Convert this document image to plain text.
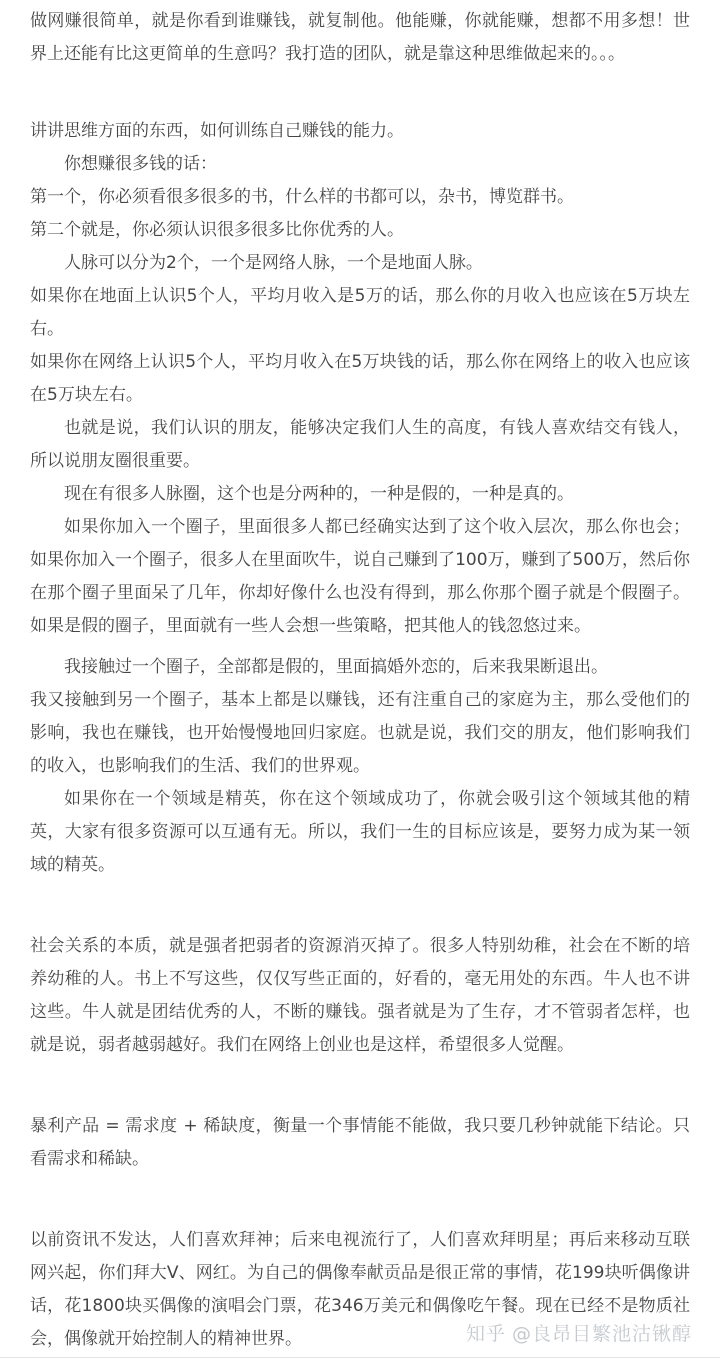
做网赚很简单，就是你看到谁赚钱，就复制他。他能赚，你就能赚，想都不用多想！世界上还能有比这更简单的生意吗？我打造的团队，就是靠这种思维做起来的。。。

讲讲思维方面的东西，如何训练自己赚钱的能力。

你想赚很多钱的话：

第一个，你必须看很多很多的书，什么样的书都可以，杂书，博览群书。

第二个就是，你必须认识很多很多比你优秀的人。

人脉可以分为2个，一个是网络人脉，一个是地面人脉。

如果你在地面上认识5个人，平均月收入是5万的话，那么你的月收入也应该在5万块左右。

如果你在网络上认识5个人，平均月收入在5万块钱的话，那么你在网络上的收入也应该在5万块左右。

也就是说，我们认识的朋友，能够决定我们人生的高度，有钱人喜欢结交有钱人，所以说朋友圈很重要。

现在有很多人脉圈，这个也是分两种的，一种是假的，一种是真的。

如果你加入一个圈子，里面很多人都已经确实达到了这个收入层次，那么你也会；如果你加入一个圈子，很多人在里面吹牛，说自己赚到了100万，赚到了500万，然后你在那个圈子里面呆了几年，你却好像什么也没有得到，那么你那个圈子就是个假圈子。如果是假的圈子，里面就有一些人会想一些策略，把其他人的钱忽悠过来。

我接触过一个圈子，全部都是假的，里面搞婚外恋的，后来我果断退出。

我又接触到另一个圈子，基本上都是以赚钱，还有注重自己的家庭为主，那么受他们的影响，我也在赚钱，也开始慢慢地回归家庭。也就是说，我们交的朋友，他们影响我们的收入，也影响我们的生活、我们的世界观。

如果你在一个领域是精英，你在这个领域成功了，你就会吸引这个领域其他的精英，大家有很多资源可以互通有无。所以，我们一生的目标应该是，要努力成为某一领域的精英。

社会关系的本质，就是强者把弱者的资源消灭掉了。很多人特别幼稚，社会在不断的培养幼稚的人。书上不写这些，仅仅写些正面的，好看的，毫无用处的东西。牛人也不讲这些。牛人就是团结优秀的人，不断的赚钱。强者就是为了生存，才不管弱者怎样，也就是说，弱者越弱越好。我们在网络上创业也是这样，希望很多人觉醒。

暴利产品 = 需求度 + 稀缺度，衡量一个事情能不能做，我只要几秒钟就能下结论。只看需求和稀缺。

以前资讯不发达，人们喜欢拜神；后来电视流行了，人们喜欢拜明星；再后来移动互联网兴起，你们拜大V、网红。为自己的偶像奉献贡品是很正常的事情，花199块听偶像讲话，花1800块买偶像的演唱会门票，花346万美元和偶像吃午餐。现在已经不是物质社会，偶像就开始控制人的精神世界。	知乎 @良昂目繁池沽锹醇
